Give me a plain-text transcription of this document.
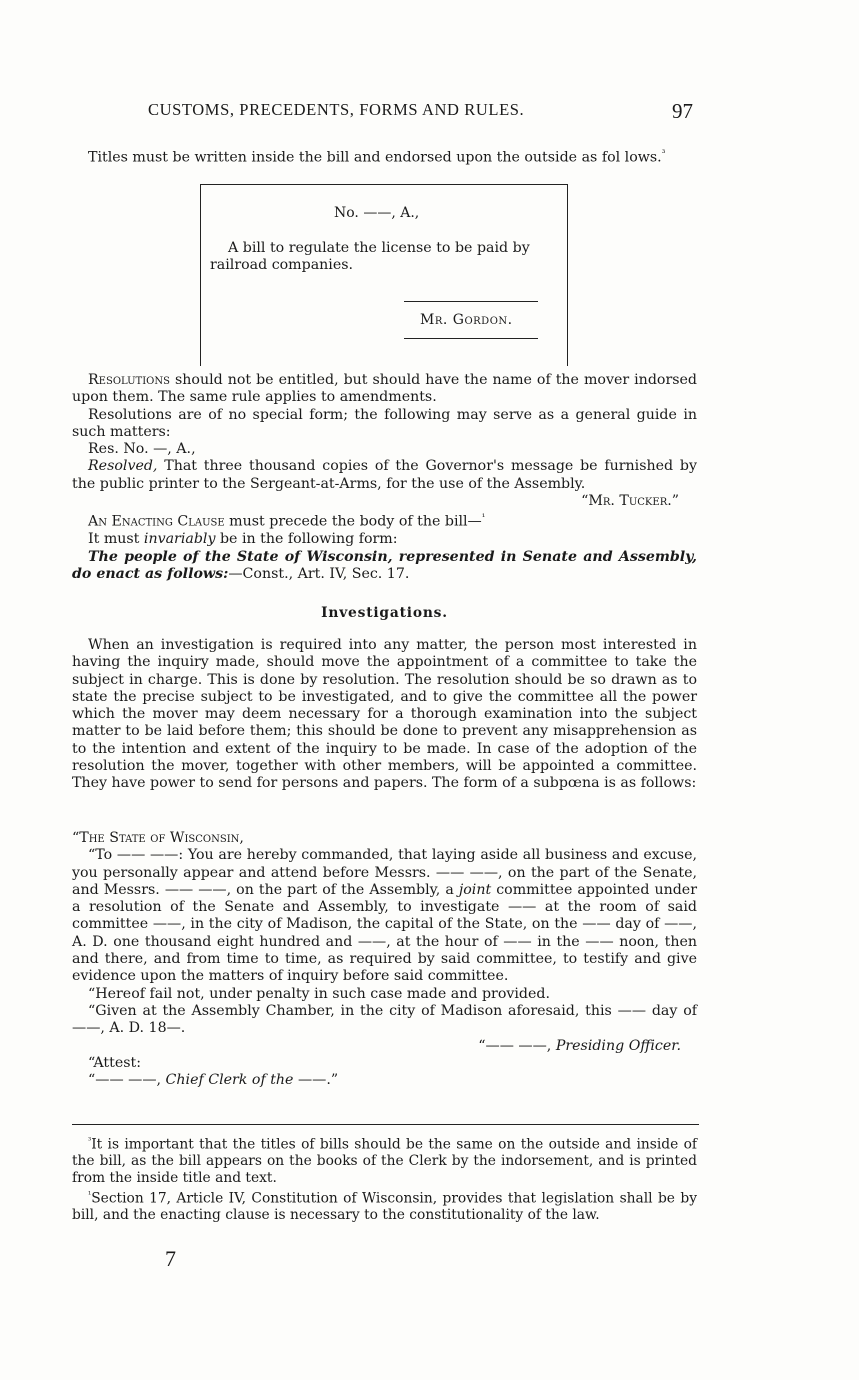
CUSTOMS, PRECEDENTS, FORMS AND RULES.	97

Titles must be written inside the bill and endorsed upon the outside as fol lows.$^{^3}$

No. ——, A.,
A bill to regulate the license to be paid by railroad companies.
Mr. Gordon.

Resolutions should not be entitled, but should have the name of the mover indorsed upon them. The same rule applies to amendments.

Resolutions are of no special form; the following may serve as a general guide in such matters:

Res. No. —, A.,

Resolved, That three thousand copies of the Governor's message be furnished by the public printer to the Sergeant-at-Arms, for the use of the Assembly.

“Mr. Tucker.”

An Enacting Clause must precede the body of the bill—$^{^1}$

It must invariably be in the following form:

The people of the State of Wisconsin, represented in Senate and Assembly, do enact as follows:—Const., Art. IV, Sec. 17.

Investigations.

When an investigation is required into any matter, the person most interested in having the inquiry made, should move the appointment of a committee to take the subject in charge. This is done by resolution. The resolution should be so drawn as to state the precise subject to be investigated, and to give the committee all the power which the mover may deem necessary for a thorough examination into the subject matter to be laid before them; this should be done to prevent any misapprehension as to the intention and extent of the inquiry to be made. In case of the adoption of the resolution the mover, together with other members, will be appointed a committee. They have power to send for persons and papers. The form of a subpœna is as follows:

“The State of Wisconsin,

“To —— ——: You are hereby commanded, that laying aside all business and excuse, you personally appear and attend before Messrs. —— ——, on the part of the Senate, and Messrs. —— ——, on the part of the Assembly, a joint committee appointed under a resolution of the Senate and Assembly, to investigate —— at the room of said committee ——, in the city of Madison, the capital of the State, on the —— day of ——, A. D. one thousand eight hundred and ——, at the hour of —— in the —— noon, then and there, and from time to time, as required by said committee, to testify and give evidence upon the matters of inquiry before said committee.

“Hereof fail not, under penalty in such case made and provided.

“Given at the Assembly Chamber, in the city of Madison aforesaid, this —— day of ——, A. D. 18—.

“—— ——, Presiding Officer.

“Attest:

“—— ——, Chief Clerk of the ——.”

$^{^3}$It is important that the titles of bills should be the same on the outside and inside of the bill, as the bill appears on the books of the Clerk by the indorsement, and is printed from the inside title and text.

$^{^1}$Section 17, Article IV, Constitution of Wisconsin, provides that legislation shall be by bill, and the enacting clause is necessary to the constitutionality of the law.

7
